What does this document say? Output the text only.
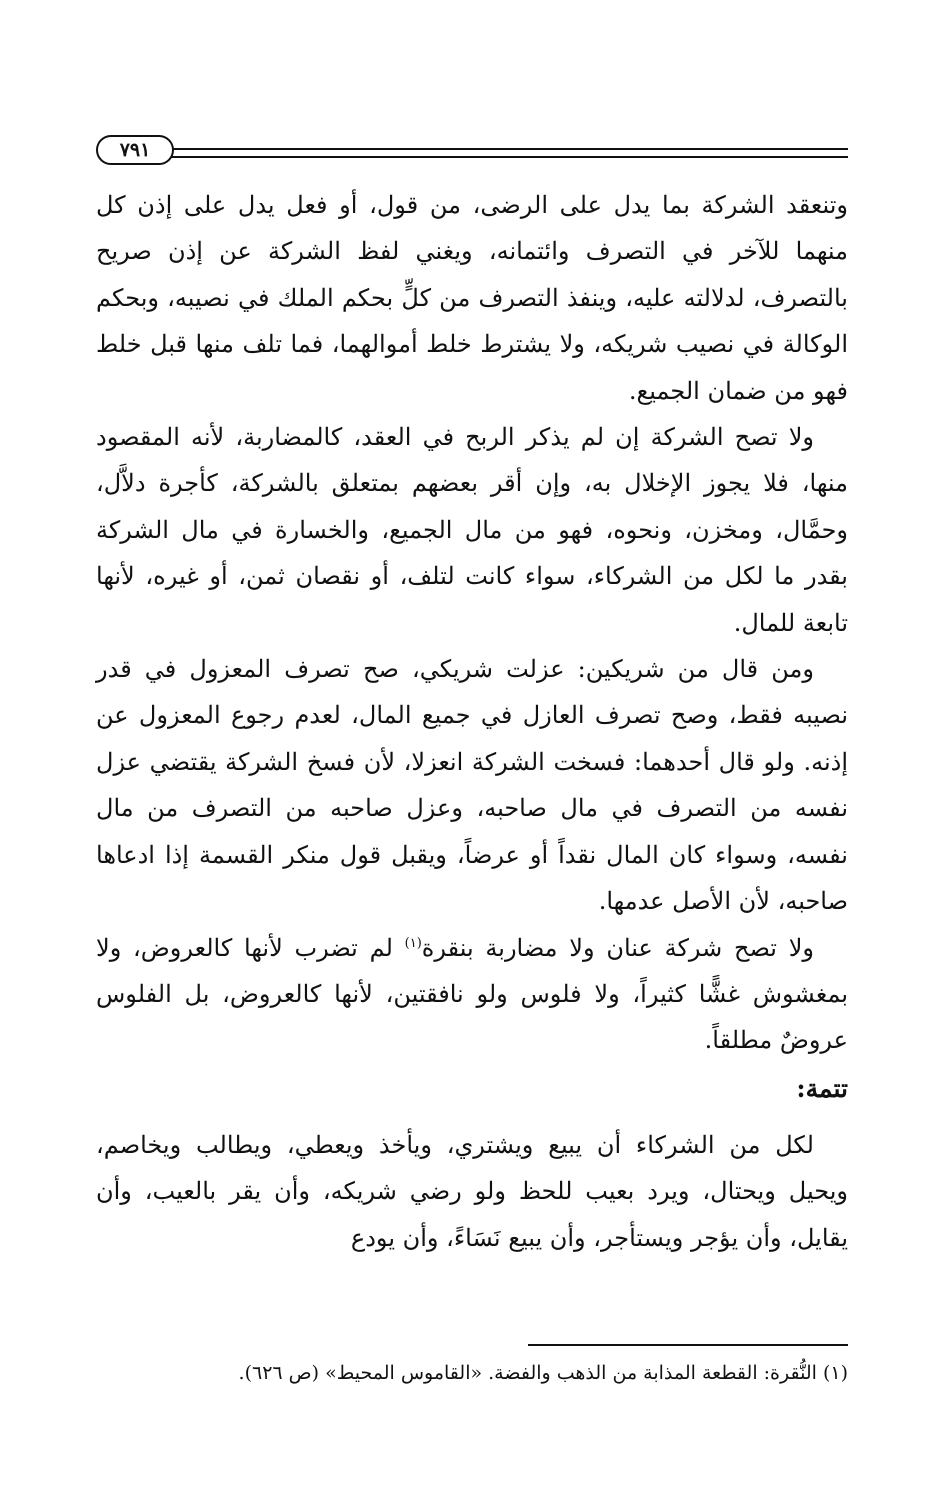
٧٩١

وتنعقد الشركة بما يدل على الرضى، من قول، أو فعل يدل على إذن كل منهما للآخر في التصرف وائتمانه، ويغني لفظ الشركة عن إذن صريح بالتصرف، لدلالته عليه، وينفذ التصرف من كلٍّ بحكم الملك في نصيبه، وبحكم الوكالة في نصيب شريكه، ولا يشترط خلط أموالهما، فما تلف منها قبل خلط فهو من ضمان الجميع.

ولا تصح الشركة إن لم يذكر الربح في العقد، كالمضاربة، لأنه المقصود منها، فلا يجوز الإخلال به، وإن أقر بعضهم بمتعلق بالشركة، كأجرة دلاَّل، وحمَّال، ومخزن، ونحوه، فهو من مال الجميع، والخسارة في مال الشركة بقدر ما لكل من الشركاء، سواء كانت لتلف، أو نقصان ثمن، أو غيره، لأنها تابعة للمال.

ومن قال من شريكين: عزلت شريكي، صح تصرف المعزول في قدر نصيبه فقط، وصح تصرف العازل في جميع المال، لعدم رجوع المعزول عن إذنه. ولو قال أحدهما: فسخت الشركة انعزلا، لأن فسخ الشركة يقتضي عزل نفسه من التصرف في مال صاحبه، وعزل صاحبه من التصرف من مال نفسه، وسواء كان المال نقداً أو عرضاً، ويقبل قول منكر القسمة إذا ادعاها صاحبه، لأن الأصل عدمها.

ولا تصح شركة عنان ولا مضاربة بنقرة$^{(١)}$ لم تضرب لأنها كالعروض، ولا بمغشوش غشًّا كثيراً، ولا فلوس ولو نافقتين، لأنها كالعروض، بل الفلوس عروضٌ مطلقاً.

تتمة:

لكل من الشركاء أن يبيع ويشتري، ويأخذ ويعطي، ويطالب ويخاصم، ويحيل ويحتال، ويرد بعيب للحظ ولو رضي شريكه، وأن يقر بالعيب، وأن يقايل، وأن يؤجر ويستأجر، وأن يبيع نَسَاءً، وأن يودع

(١) النُّقرة: القطعة المذابة من الذهب والفضة. «القاموس المحيط» (ص ٦٢٦).
